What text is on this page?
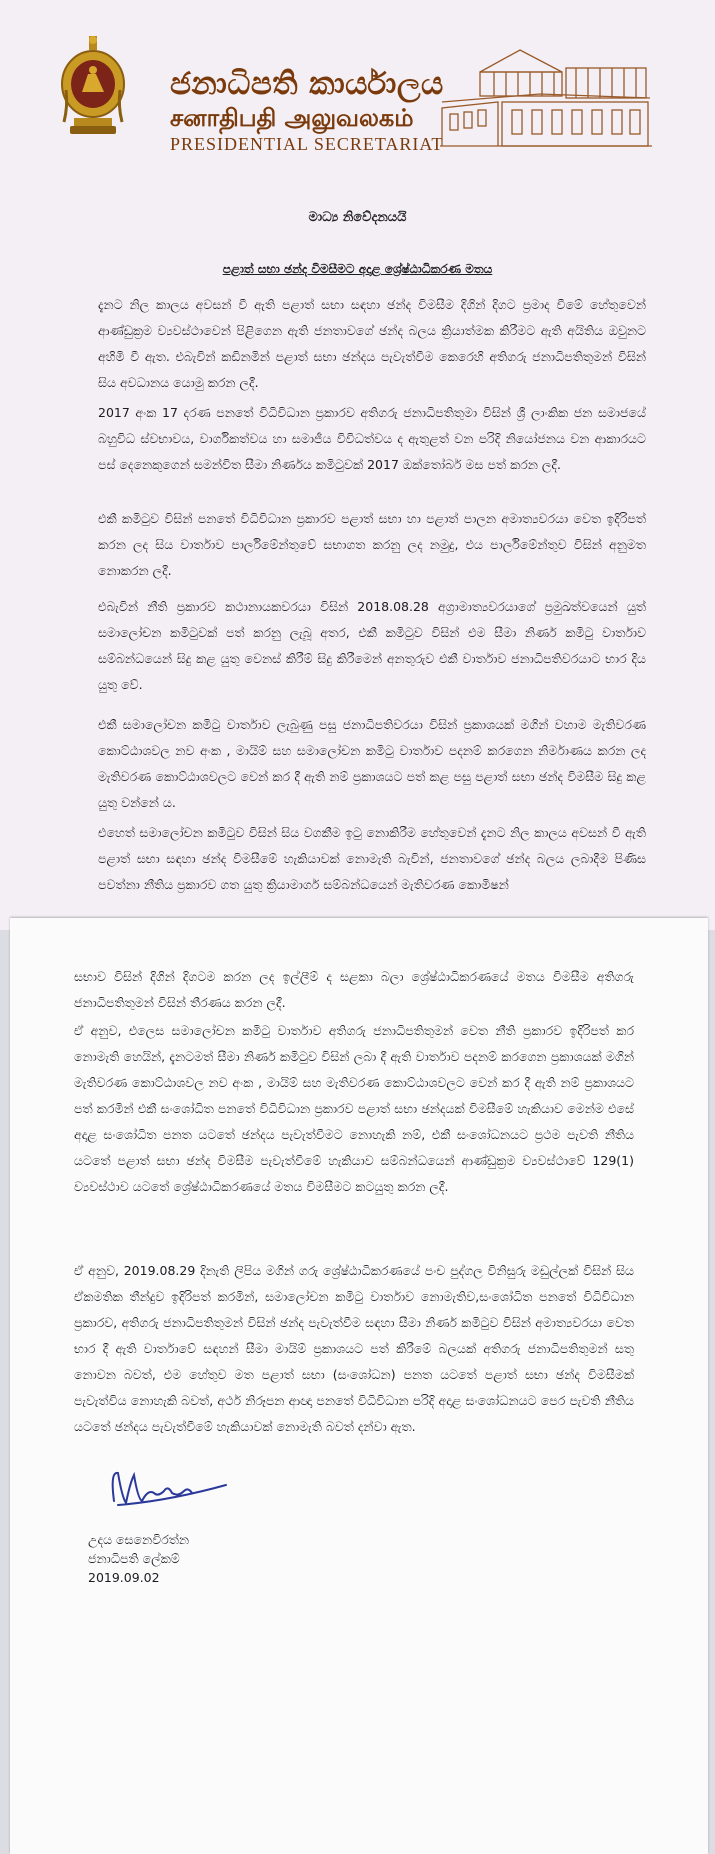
ජනාධිපති කාර්යාලය
சனாதிபதி அலுவலகம்
PRESIDENTIAL SECRETARIAT
මාධ්‍ය නිවේදනයයි
පළාත් සභා ඡන්ද විමසීමට අදාළ ශ්‍රේෂ්ඨාධිකරණ මතය
දැනට නිල කාලය අවසන් වී ඇති පළාත් සභා සඳහා ඡන්ද විමසීම දිගින් දිගට ප්‍රමාද වීමේ හේතුවෙන් ආණ්ඩුක්‍රම ව්‍යවස්ථාවෙන් පිළිගෙන ඇති ජනතාවගේ ඡන්ද බලය ක්‍රියාත්මක කිරීමට ඇති අයිතිය ඔවුනට අහිමි වී ඇත. එබැවින් කඩිනමින් පළාත් සභා ඡන්දය පැවැත්වීම කෙරෙහි අතිගරු ජනාධිපතිතුමන් විසින් සිය අවධානය යොමු කරන ලදී.
2017 අංක 17 දරණ පනතේ විධිවිධාන ප්‍රකාරව අතිගරු ජනාධිපතිතුමා විසින් ශ්‍රී ලාංකික ජන සමාජයේ බහුවිධ ස්වභාවය, වාර්ගිකත්වය හා සමාජීය විවිධත්වය ද ඇතුළත් වන පරිදි නියෝජනය වන ආකාරයට පස් දෙනෙකුගෙන් සමන්විත සීමා නිර්ණය කමිටුවක් 2017 ඔක්තෝබර් මස පත් කරන ලදී.
එකී කමිටුව විසින් පනතේ විධිවිධාන ප්‍රකාරව පළාත් සභා හා පළාත් පාලන අමාත්‍යවරයා වෙත ඉදිරිපත් කරන ලද සිය වාර්තාව පාර්ලිමේන්තුවේ සභාගත කරනු ලද නමුදු, එය පාර්ලිමේන්තුව විසින් අනුමත නොකරන ලදී.
එබැවින් නීති ප්‍රකාරව කථානායකවරයා විසින් 2018.08.28 අග්‍රාමාත්‍යවරයාගේ ප්‍රමුඛත්වයෙන් යුත් සමාලෝචන කමිටුවක් පත් කරනු ලැබූ අතර, එකී කමිටුව විසින් එම සීමා නිර්ණ කමිටු වාර්තාව සම්බන්ධයෙන් සිදු කළ යුතු වෙනස් කිරීම් සිදු කිරීමෙන් අනතුරුව එකී වාර්තාව ජනාධිපතිවරයාට භාර දිය යුතු වේ.
එකී සමාලෝචන කමිටු වාර්තාව ලැබුණු පසු ජනාධිපතිවරයා විසින් ප්‍රකාශයක් මගින් වහාම මැතිවරණ කොට්ඨාශවල නව අංක , මායිම් සහ සමාලෝචන කමිටු වාර්තාව පදනම් කරගෙන නිර්මාණය කරන ලද මැතිවරණ කොට්ඨාශවලට වෙන් කර දී ඇති නම් ප්‍රකාශයට පත් කළ පසු පළාත් සභා ඡන්ද විමසීම සිදු කළ යුතු වන්නේ ය.
එහෙත් සමාලෝචන කමිටුව විසින් සිය වගකීම ඉටු නොකිරීම හේතුවෙන් දැනට නිල කාලය අවසන් වී ඇති පළාත් සභා සඳහා ඡන්ද විමසීමේ හැකියාවක් නොමැති බැවින්, ජනතාවගේ ඡන්ද බලය ලබාදීම පිණිස පවත්නා නීතිය ප්‍රකාරව ගත යුතු ක්‍රියාමාර්ග සම්බන්ධයෙන් මැතිවරණ කොමිෂන්
සභාව විසින් දිගින් දිගටම කරන ලද ඉල්ලීම් ද සළකා බලා ශ්‍රේෂ්ඨාධිකරණයේ මතය විමසීම අතිගරු ජනාධිපතිතුමන් විසින් තීරණය කරන ලදී.
ඒ අනුව, එලෙස සමාලෝචන කමිටු වාර්තාව අතිගරු ජනාධිපතිතුමන් වෙත නීති ප්‍රකාරව ඉදිරිපත් කර නොමැති හෙයින්, දැනටමත් සීමා නිර්ණ කමිටුව විසින් ලබා දී ඇති වාර්තාව පදනම් කරගෙන ප්‍රකාශයක් මගින් මැතිවරණ කොට්ඨාශවල නව අංක , මායිම් සහ මැතිවරණ කොට්ඨාශවලට වෙන් කර දී ඇති නම් ප්‍රකාශයට පත් කරමින් එකී සංශෝධිත පනතේ විධිවිධාන ප්‍රකාරව පළාත් සභා ඡන්දයක් විමසීමේ හැකියාව මෙන්ම එසේ අදාළ සංශෝධිත පනත යටතේ ඡන්දය පැවැත්වීමට නොහැකි නම්, එකී සංශෝධනයට ප්‍රථම පැවති නීතිය යටතේ පළාත් සභා ඡන්ද විමසීම පැවැත්වීමේ හැකියාව සම්බන්ධයෙන් ආණ්ඩුක්‍රම ව්‍යවස්ථාවේ 129(1) ව්‍යවස්ථාව යටතේ ශ්‍රේෂ්ඨාධිකරණයේ මතය විමසීමට කටයුතු කරන ලදී.
ඒ අනුව, 2019.08.29 දිනැති ලිපිය මගින් ගරු ශ්‍රේෂ්ඨාධිකරණයේ පංච පුද්ගල විනිසුරු මඩුල්ලක් විසින් සිය ඒකමතික තීන්දුව ඉදිරිපත් කරමින්, සමාලෝචන කමිටු වාර්තාව නොමැතිව,සංශෝධිත පනතේ විධිවිධාන ප්‍රකාරව, අතිගරු ජනාධිපතිතුමන් විසින් ඡන්ද පැවැත්වීම සඳහා සීමා නිර්ණ කමිටුව විසින් අමාත්‍යවරයා වෙත භාර දී ඇති වාර්තාවේ සඳහන් සීමා මායිම් ප්‍රකාශයට පත් කිරීමේ බලයක් අතිගරු ජනාධිපතිතුමන් සතු නොවන බවත්, එම හේතුව මත පළාත් සභා (සංශෝධන) පනත යටතේ පළාත් සභා ඡන්ද විමසීමක් පැවැත්විය නොහැකි බවත්, අර්ථ නිරූපන ආඥා පනතේ විධිවිධාන පරිදි අදාළ සංශෝධනයට පෙර පැවති නීතිය යටතේ ඡන්දය පැවැත්වීමේ හැකියාවක් නොමැති බවත් දන්වා ඇත.
උදය සෙනෙවිරත්න
ජනාධිපති ලේකම්
2019.09.02
